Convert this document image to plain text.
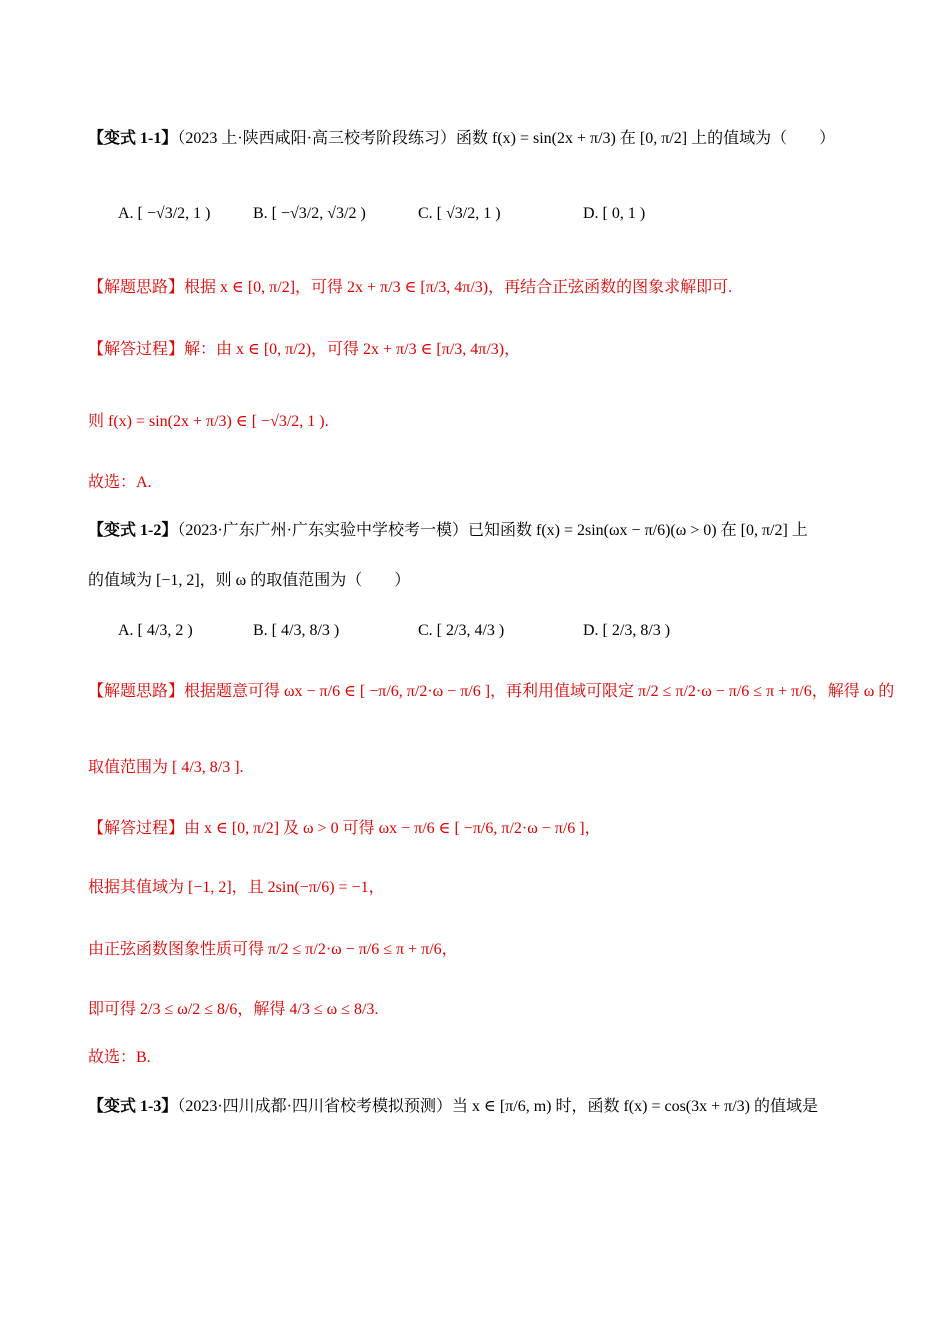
【变式 1-1】（2023 上·陕西咸阳·高三校考阶段练习）函数 f(x) = sin(2x + π/3) 在 [0, π/2] 上的值域为（　　）
A. [ −√3/2, 1 )	B. [ −√3/2, √3/2 )	C. [ √3/2, 1 )	D. [ 0, 1 )
【解题思路】根据 x ∈ [0, π/2]，可得 2x + π/3 ∈ [π/3, 4π/3)，再结合正弦函数的图象求解即可.
【解答过程】解：由 x ∈ [0, π/2)，可得 2x + π/3 ∈ [π/3, 4π/3)，
则 f(x) = sin(2x + π/3) ∈ [ −√3/2, 1 ).
故选：A.
【变式 1-2】（2023·广东广州·广东实验中学校考一模）已知函数 f(x) = 2sin(ωx − π/6)(ω > 0) 在 [0, π/2] 上
的值域为 [−1, 2]，则 ω 的取值范围为（　　）
A. [ 4/3, 2 )	B. [ 4/3, 8/3 )	C. [ 2/3, 4/3 )	D. [ 2/3, 8/3 )
【解题思路】根据题意可得 ωx − π/6 ∈ [ −π/6, π/2·ω − π/6 ]，再利用值域可限定 π/2 ≤ π/2·ω − π/6 ≤ π + π/6，解得 ω 的
取值范围为 [ 4/3, 8/3 ].
【解答过程】由 x ∈ [0, π/2] 及 ω > 0 可得 ωx − π/6 ∈ [ −π/6, π/2·ω − π/6 ]，
根据其值域为 [−1, 2]，且 2sin(−π/6) = −1，
由正弦函数图象性质可得 π/2 ≤ π/2·ω − π/6 ≤ π + π/6，
即可得 2/3 ≤ ω/2 ≤ 8/6，解得 4/3 ≤ ω ≤ 8/3.
故选：B.
【变式 1-3】（2023·四川成都·四川省校考模拟预测）当 x ∈ [π/6, m) 时，函数 f(x) = cos(3x + π/3) 的值域是
